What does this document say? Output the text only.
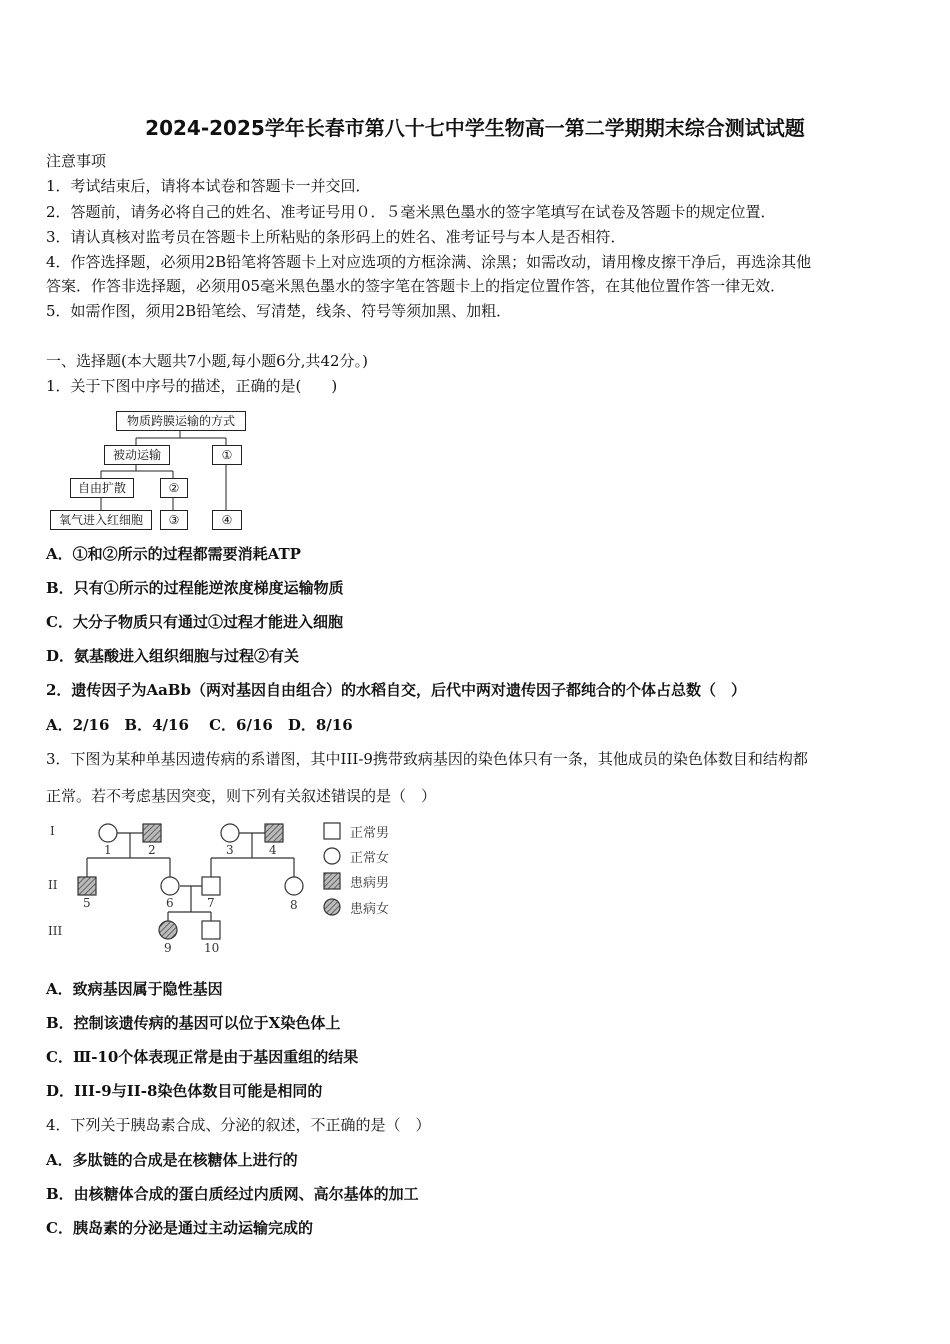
2024-2025学年长春市第八十七中学生物高一第二学期期末综合测试试题
注意事项
1．考试结束后，请将本试卷和答题卡一并交回．
2．答题前，请务必将自己的姓名、准考证号用０．５毫米黑色墨水的签字笔填写在试卷及答题卡的规定位置．
3．请认真核对监考员在答题卡上所粘贴的条形码上的姓名、准考证号与本人是否相符．
4．作答选择题，必须用2B铅笔将答题卡上对应选项的方框涂满、涂黑；如需改动，请用橡皮擦干净后，再选涂其他
答案．作答非选择题，必须用05毫米黑色墨水的签字笔在答题卡上的指定位置作答，在其他位置作答一律无效．
5．如需作图，须用2B铅笔绘、写清楚，线条、符号等须加黑、加粗．
一、选择题(本大题共7小题,每小题6分,共42分。)
1．关于下图中序号的描述，正确的是(　　)
物质跨膜运输的方式
被动运输	①
自由扩散	②
氧气进入红细胞	③	④
A．①和②所示的过程都需要消耗ATP
B．只有①所示的过程能逆浓度梯度运输物质
C．大分子物质只有通过①过程才能进入细胞
D．氨基酸进入组织细胞与过程②有关
2．遗传因子为AaBb（两对基因自由组合）的水稻自交，后代中两对遗传因子都纯合的个体占总数（　）
A．2/16　B．4/16　 C．6/16　D．8/16
3．下图为某种单基因遗传病的系谱图，其中III-9携带致病基因的染色体只有一条，其他成员的染色体数目和结构都
正常。若不考虑基因突变，则下列有关叙述错误的是（　）
I
II
III
1	2	3	4
5	6	7	8
9	10
正常男
正常女
患病男
患病女
A．致病基因属于隐性基因
B．控制该遗传病的基因可以位于X染色体上
C．Ⅲ-10个体表现正常是由于基因重组的结果
D．III-9与II-8染色体数目可能是相同的
4．下列关于胰岛素合成、分泌的叙述，不正确的是（　）
A．多肽链的合成是在核糖体上进行的
B．由核糖体合成的蛋白质经过内质网、高尔基体的加工
C．胰岛素的分泌是通过主动运输完成的
